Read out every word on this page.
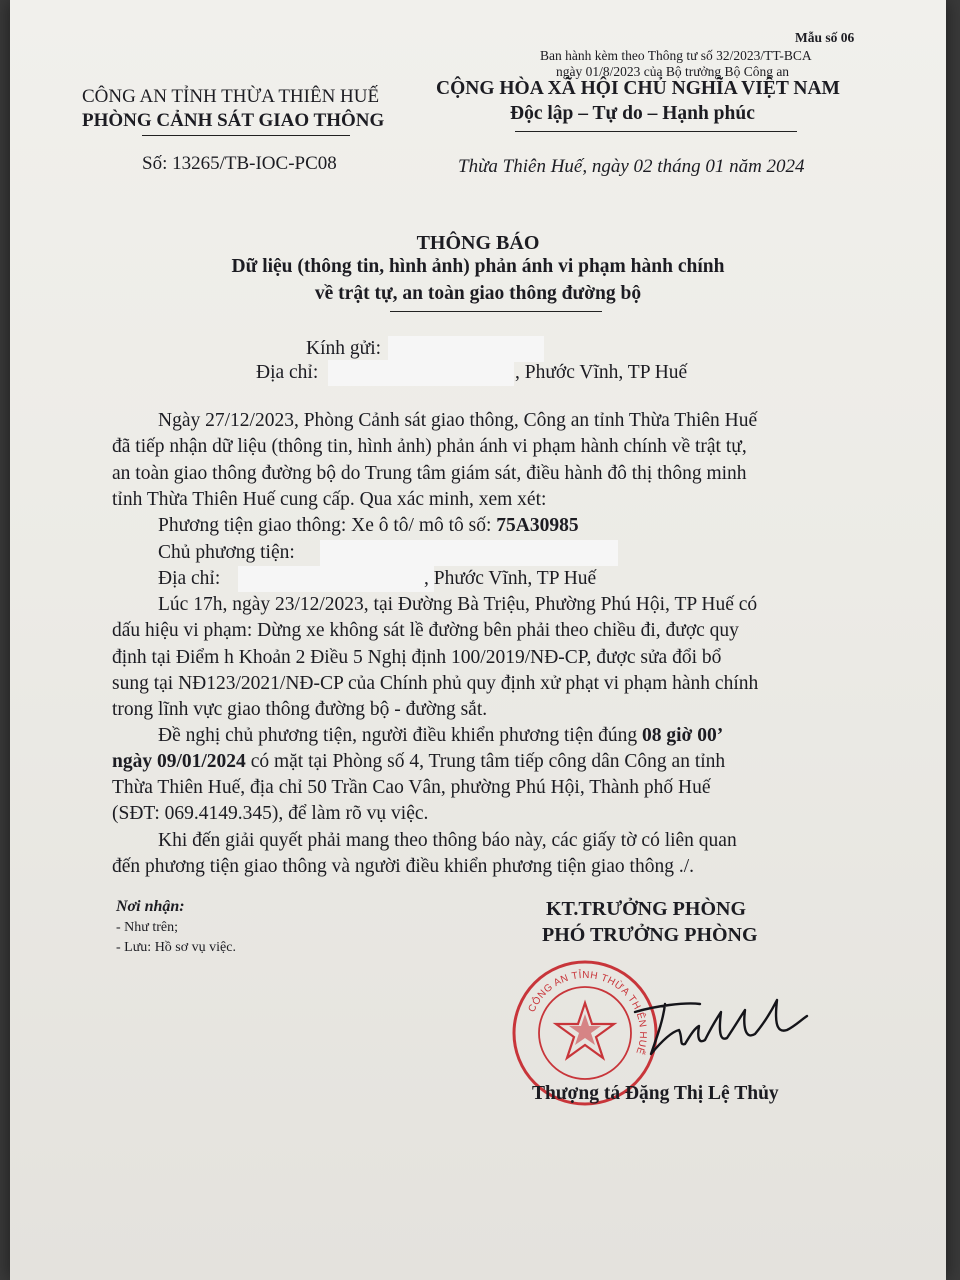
Mẫu số 06
Ban hành kèm theo Thông tư số 32/2023/TT-BCA
ngày 01/8/2023 của Bộ trưởng Bộ Công an
CÔNG AN TỈNH THỪA THIÊN HUẾ
PHÒNG CẢNH SÁT GIAO THÔNG
Số: 13265/TB-IOC-PC08
CỘNG HÒA XÃ HỘI CHỦ NGHĨA VIỆT NAM
Độc lập – Tự do – Hạnh phúc
Thừa Thiên Huế, ngày 02 tháng 01 năm 2024
THÔNG BÁO
Dữ liệu (thông tin, hình ảnh) phản ánh vi phạm hành chính
về trật tự, an toàn giao thông đường bộ
Kính gửi:
Địa chỉ:	, Phước Vĩnh, TP Huế
Ngày 27/12/2023, Phòng Cảnh sát giao thông, Công an tỉnh Thừa Thiên Huế
đã tiếp nhận dữ liệu (thông tin, hình ảnh) phản ánh vi phạm hành chính về trật tự,
an toàn giao thông đường bộ do Trung tâm giám sát, điều hành đô thị thông minh
tỉnh Thừa Thiên Huế cung cấp. Qua xác minh, xem xét:
Phương tiện giao thông: Xe ô tô/ mô tô số: 75A30985
Chủ phương tiện:
Địa chỉ:	, Phước Vĩnh, TP Huế
Lúc 17h, ngày 23/12/2023, tại Đường Bà Triệu, Phường Phú Hội, TP Huế có
dấu hiệu vi phạm: Dừng xe không sát lề đường bên phải theo chiều đi, được quy
định tại Điểm h Khoản 2 Điều 5 Nghị định 100/2019/NĐ-CP, được sửa đổi bổ
sung tại NĐ123/2021/NĐ-CP của Chính phủ quy định xử phạt vi phạm hành chính
trong lĩnh vực giao thông đường bộ - đường sắt.
Đề nghị chủ phương tiện, người điều khiển phương tiện đúng 08 giờ 00’
ngày 09/01/2024 có mặt tại Phòng số 4, Trung tâm tiếp công dân Công an tỉnh
Thừa Thiên Huế, địa chỉ 50 Trần Cao Vân, phường Phú Hội, Thành phố Huế
(SĐT: 069.4149.345), để làm rõ vụ việc.
Khi đến giải quyết phải mang theo thông báo này, các giấy tờ có liên quan
đến phương tiện giao thông và người điều khiển phương tiện giao thông ./.
Nơi nhận:
- Như trên;
- Lưu: Hồ sơ vụ việc.
KT.TRƯỞNG PHÒNG
PHÓ TRƯỞNG PHÒNG
CÔNG AN TỈNH THỪA THIÊN HUẾ
Thượng tá Đặng Thị Lệ Thủy
